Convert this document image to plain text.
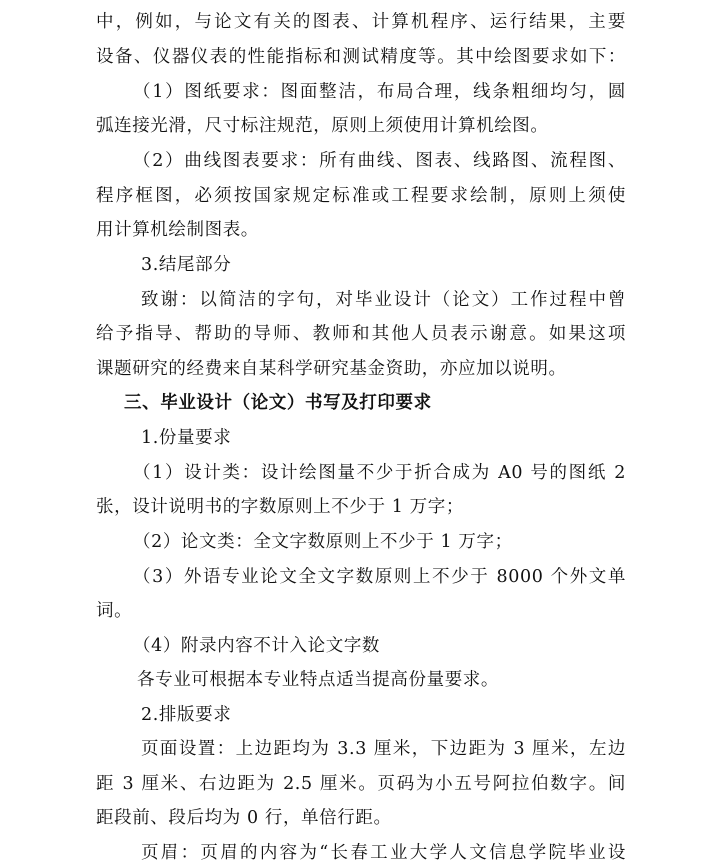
中，例如，与论文有关的图表、计算机程序、运行结果，主要
设备、仪器仪表的性能指标和测试精度等。其中绘图要求如下：
（1）图纸要求：图面整洁，布局合理，线条粗细均匀，圆
弧连接光滑，尺寸标注规范，原则上须使用计算机绘图。
（2）曲线图表要求：所有曲线、图表、线路图、流程图、
程序框图，必须按国家规定标准或工程要求绘制，原则上须使
用计算机绘制图表。
3.结尾部分
致谢：以简洁的字句，对毕业设计（论文）工作过程中曾
给予指导、帮助的导师、教师和其他人员表示谢意。如果这项
课题研究的经费来自某科学研究基金资助，亦应加以说明。
三、毕业设计（论文）书写及打印要求
1.份量要求
（1）设计类：设计绘图量不少于折合成为 A0 号的图纸 2
张，设计说明书的字数原则上不少于 1 万字；
（2）论文类：全文字数原则上不少于 1 万字；
（3）外语专业论文全文字数原则上不少于 8000 个外文单
词。
（4）附录内容不计入论文字数
各专业可根据本专业特点适当提高份量要求。
2.排版要求
页面设置：上边距均为 3.3 厘米，下边距为 3 厘米，左边
距 3 厘米、右边距为 2.5 厘米。页码为小五号阿拉伯数字。间
距段前、段后均为 0 行，单倍行距。
页眉：页眉的内容为“长春工业大学人文信息学院毕业设
